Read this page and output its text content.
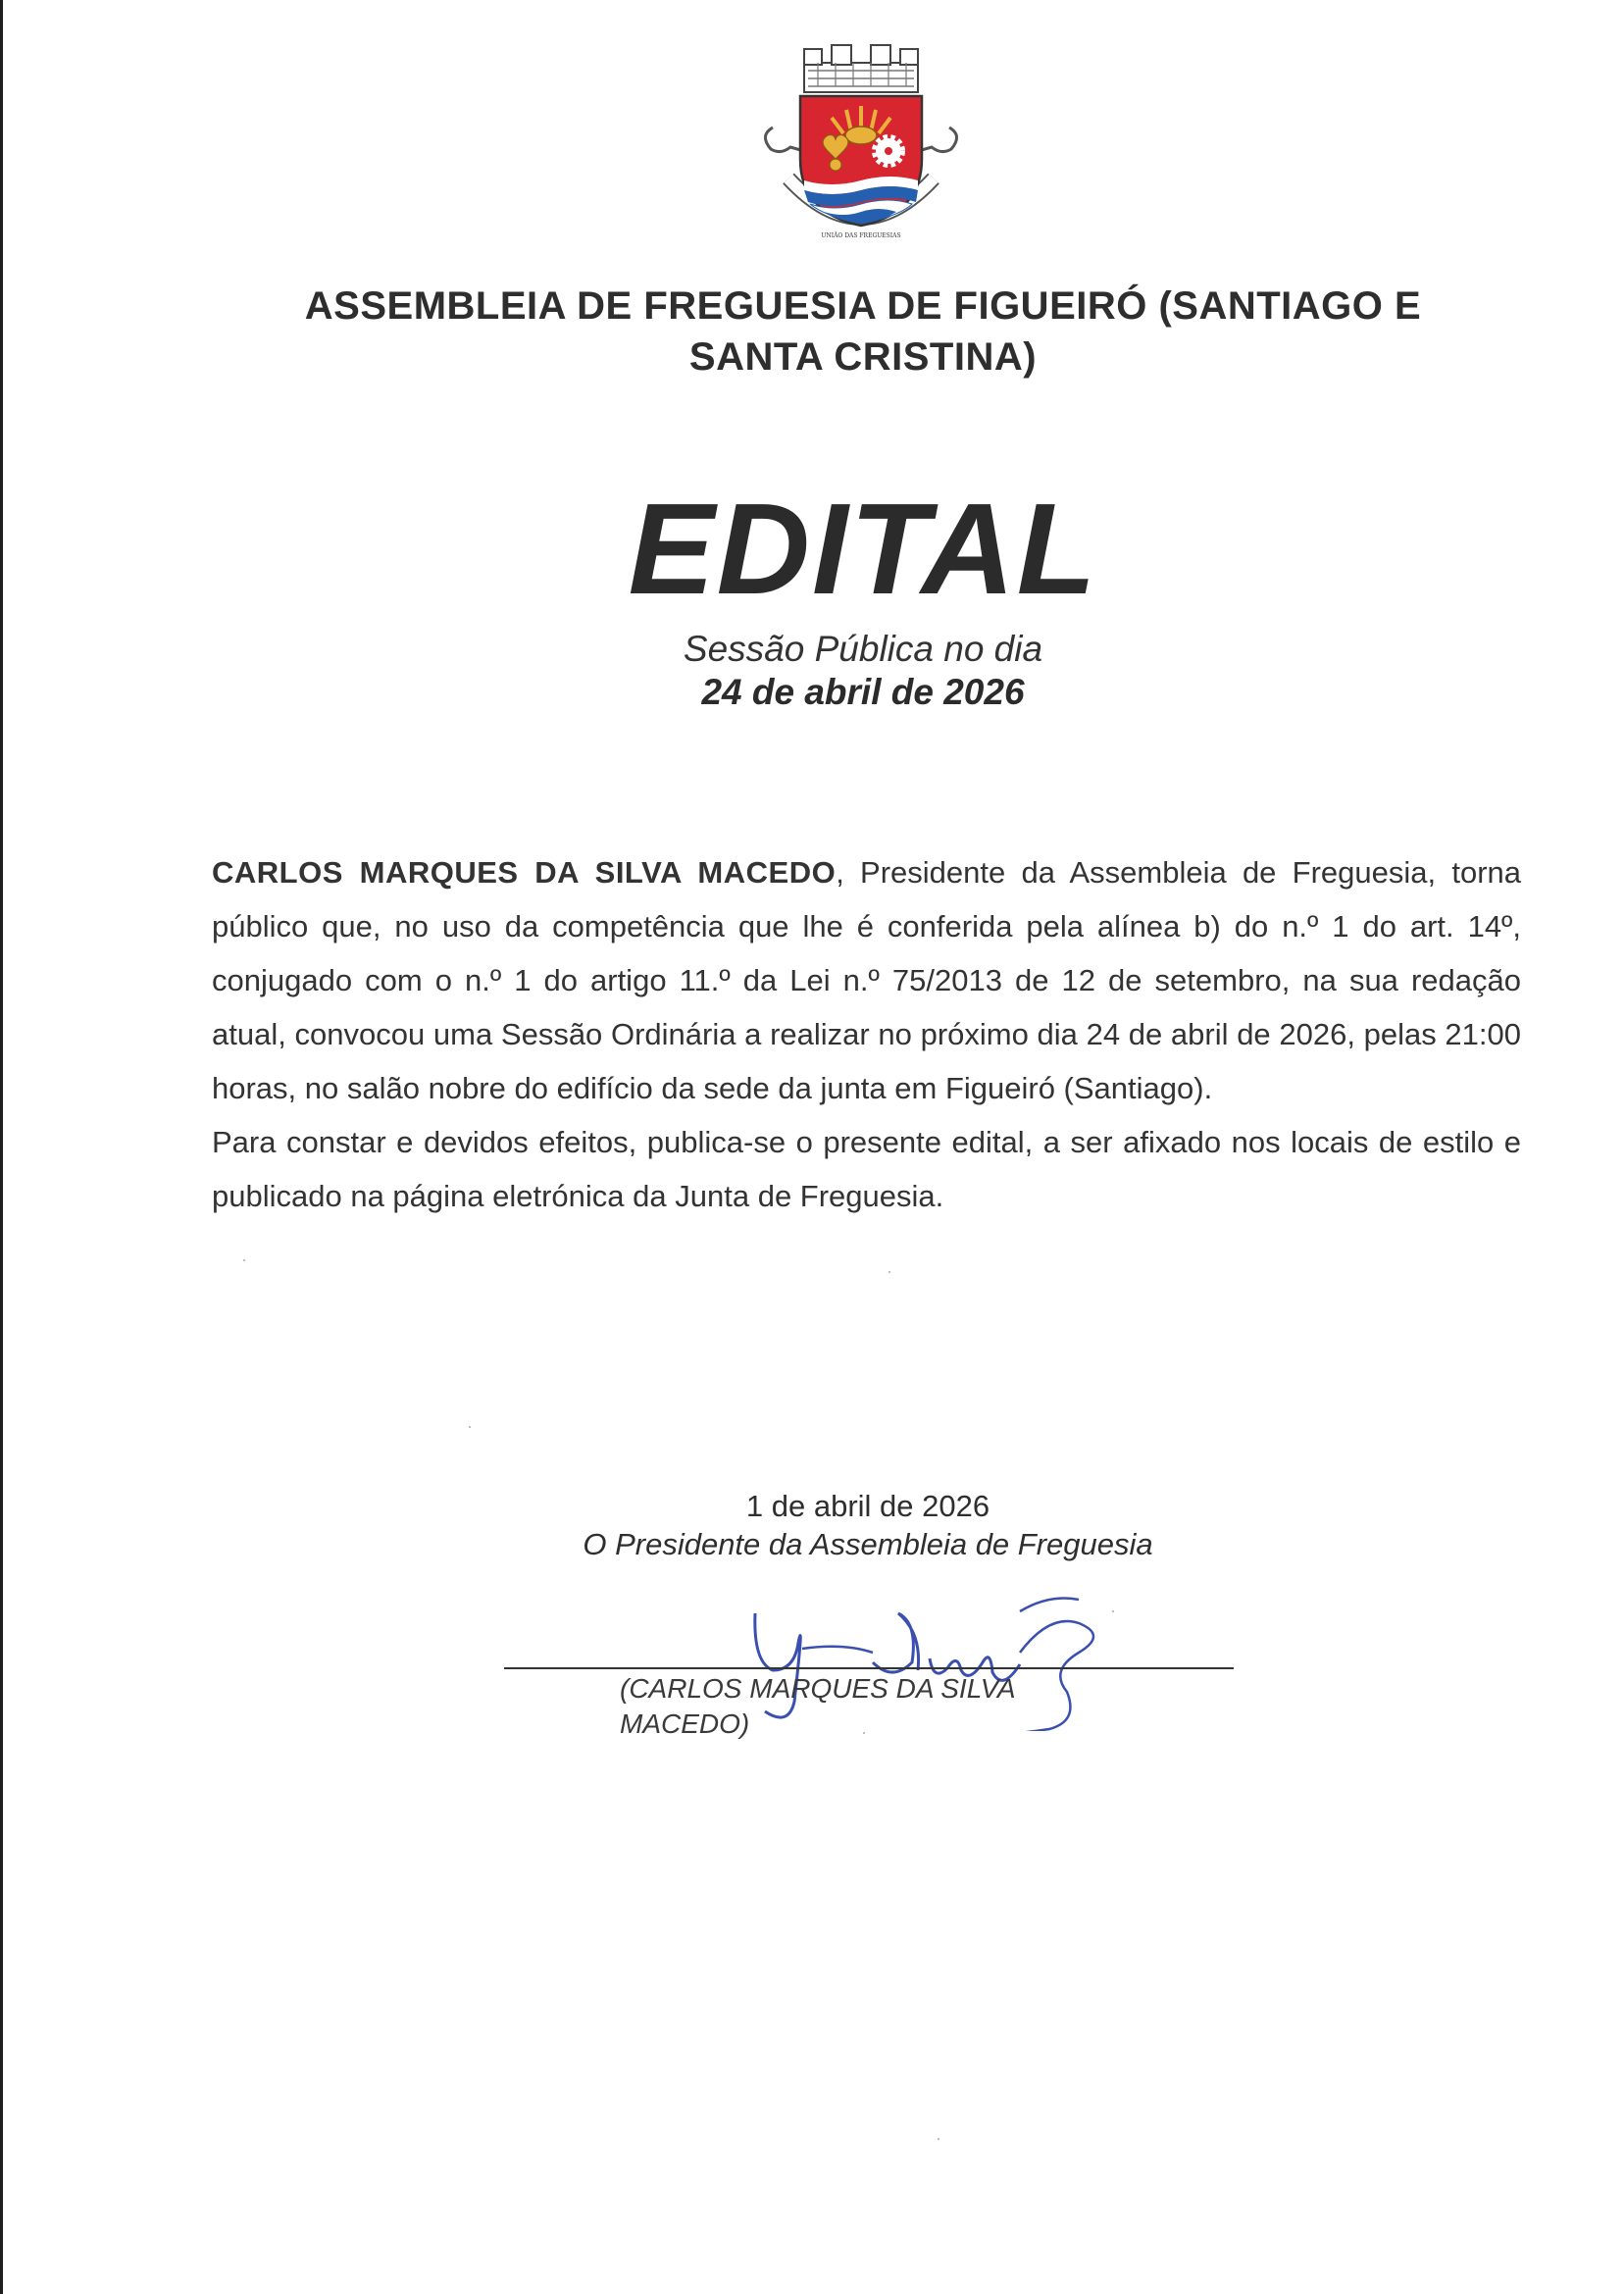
UNIÃO DAS FREGUESIAS
ASSEMBLEIA DE FREGUESIA DE FIGUEIRÓ (SANTIAGO E
SANTA CRISTINA)
EDITAL
Sessão Pública no dia
24 de abril de 2026

CARLOS MARQUES DA SILVA MACEDO, Presidente da Assembleia de Freguesia, torna público que, no uso da competência que lhe é conferida pela alínea b) do n.º 1 do art. 14º, conjugado com o n.º 1 do artigo 11.º da Lei n.º 75/2013 de 12 de setembro, na sua redação atual, convocou uma Sessão Ordinária a realizar no próximo dia 24 de abril de 2026, pelas 21:00 horas, no salão nobre do edifício da sede da junta em Figueiró (Santiago).

Para constar e devidos efeitos, publica-se o presente edital, a ser afixado nos locais de estilo e publicado na página eletrónica da Junta de Freguesia.

1 de abril de 2026
O Presidente da Assembleia de Freguesia
(CARLOS MARQUES DA SILVA MACEDO)
